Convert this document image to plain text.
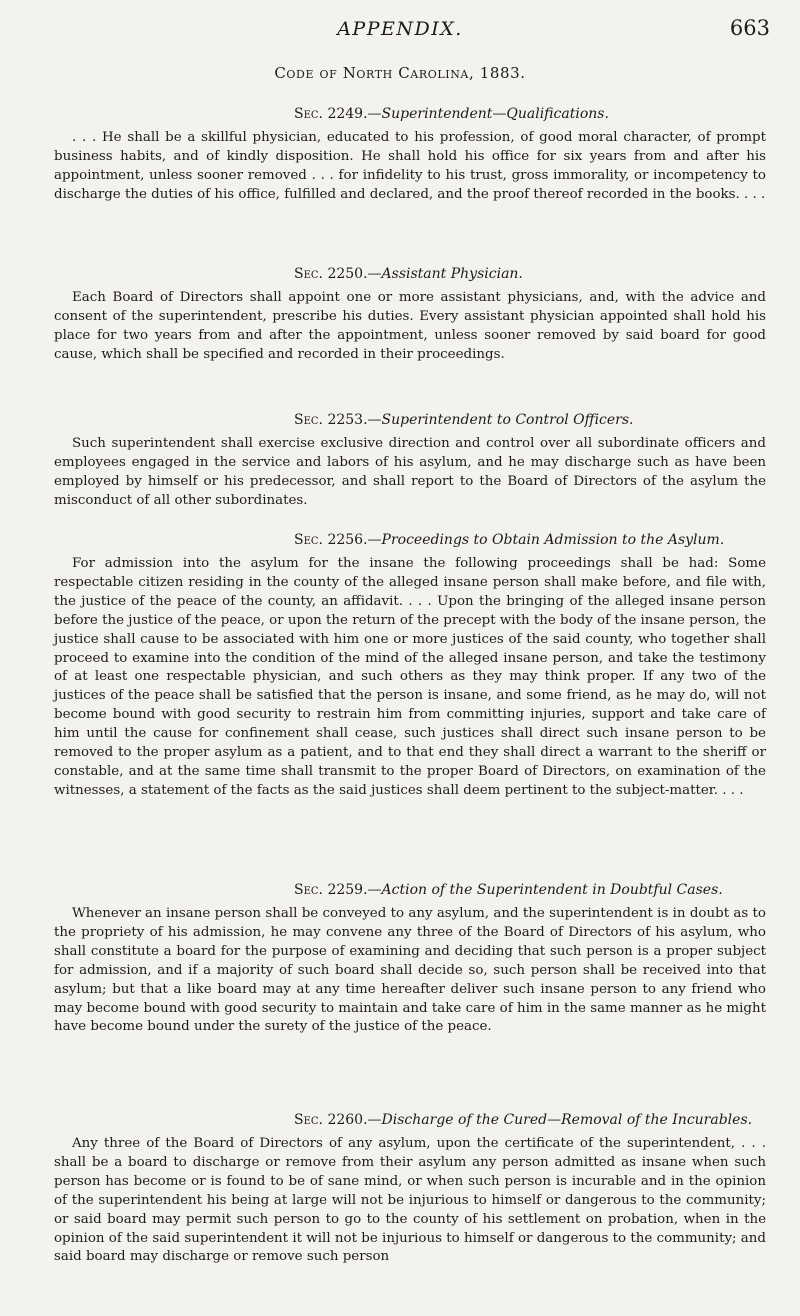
APPENDIX.	663
Code of North Carolina, 1883.
Sec. 2249.—Superintendent—Qualifications.

. . . He shall be a skillful physician, educated to his profession, of good moral character, of prompt business habits, and of kindly disposition. He shall hold his office for six years from and after his appointment, unless sooner removed . . . for infidelity to his trust, gross immorality, or incompetency to discharge the duties of his office, fulfilled and declared, and the proof thereof recorded in the books. . . .

Sec. 2250.—Assistant Physician.

Each Board of Directors shall appoint one or more assistant physicians, and, with the advice and consent of the superintendent, prescribe his duties. Every assistant physician appointed shall hold his place for two years from and after the appointment, unless sooner removed by said board for good cause, which shall be specified and recorded in their proceedings.

Sec. 2253.—Superintendent to Control Officers.

Such superintendent shall exercise exclusive direction and control over all subordinate officers and employees engaged in the service and labors of his asylum, and he may discharge such as have been employed by himself or his predecessor, and shall report to the Board of Directors of the asylum the misconduct of all other subordinates.

Sec. 2256.—Proceedings to Obtain Admission to the Asylum.

For admission into the asylum for the insane the following proceedings shall be had: Some respectable citizen residing in the county of the alleged insane person shall make before, and file with, the justice of the peace of the county, an affidavit. . . . Upon the bringing of the alleged insane person before the justice of the peace, or upon the return of the precept with the body of the insane person, the justice shall cause to be associated with him one or more justices of the said county, who together shall proceed to examine into the condition of the mind of the alleged insane person, and take the testimony of at least one respectable physician, and such others as they may think proper. If any two of the justices of the peace shall be satisfied that the person is insane, and some friend, as he may do, will not become bound with good security to restrain him from committing injuries, support and take care of him until the cause for confinement shall cease, such justices shall direct such insane person to be removed to the proper asylum as a patient, and to that end they shall direct a warrant to the sheriff or constable, and at the same time shall transmit to the proper Board of Directors, on examination of the witnesses, a statement of the facts as the said justices shall deem pertinent to the subject-matter. . . .

Sec. 2259.—Action of the Superintendent in Doubtful Cases.

Whenever an insane person shall be conveyed to any asylum, and the superintendent is in doubt as to the propriety of his admission, he may convene any three of the Board of Directors of his asylum, who shall constitute a board for the purpose of examining and deciding that such person is a proper subject for admission, and if a majority of such board shall decide so, such person shall be received into that asylum; but that a like board may at any time hereafter deliver such insane person to any friend who may become bound with good security to maintain and take care of him in the same manner as he might have become bound under the surety of the justice of the peace.

Sec. 2260.—Discharge of the Cured—Removal of the Incurables.

Any three of the Board of Directors of any asylum, upon the certificate of the superintendent, . . . shall be a board to discharge or remove from their asylum any person admitted as insane when such person has become or is found to be of sane mind, or when such person is incurable and in the opinion of the superintendent his being at large will not be injurious to himself or dangerous to the community; or said board may permit such person to go to the county of his settlement on probation, when in the opinion of the said superintendent it will not be injurious to himself or dangerous to the community; and said board may discharge or remove such person
